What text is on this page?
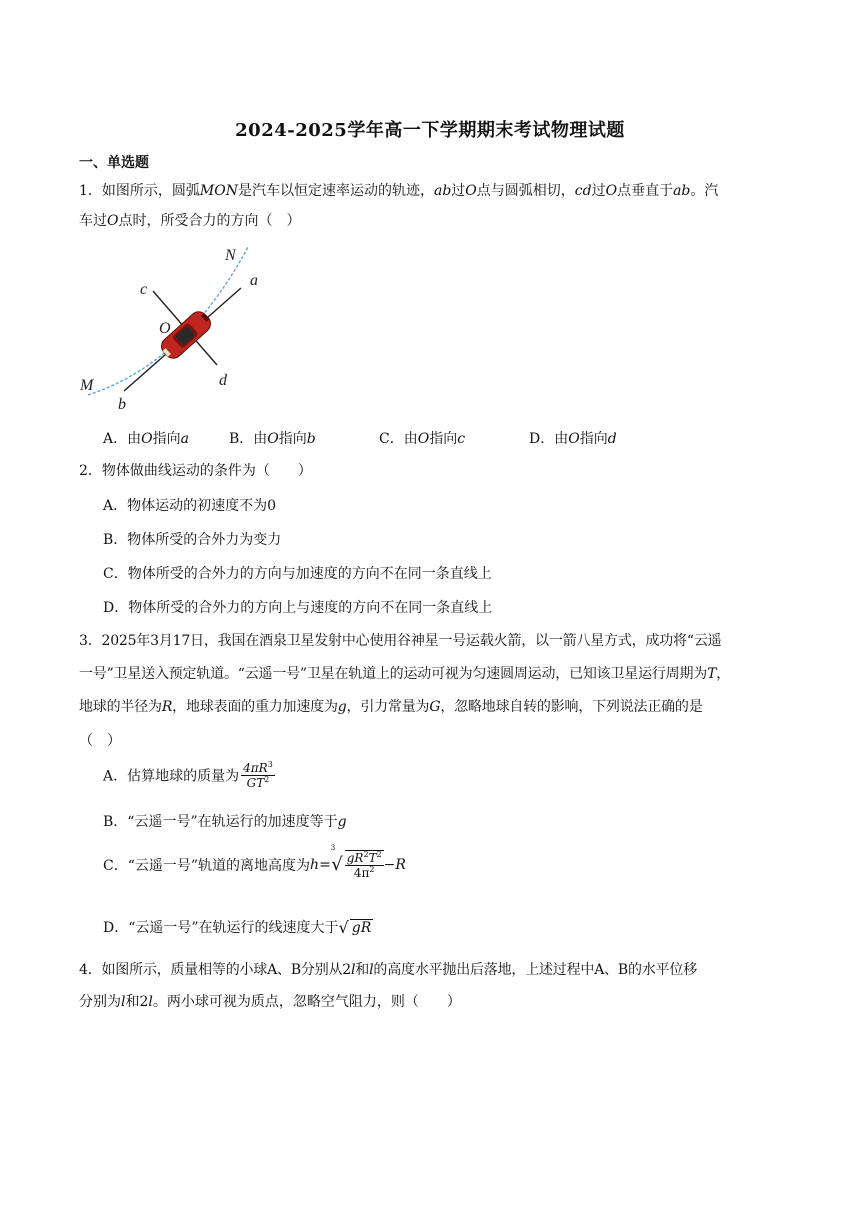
2024-2025学年高一下学期期末考试物理试题
一、单选题
1．如图所示，圆弧MON是汽车以恒定速率运动的轨迹，ab过O点与圆弧相切，cd过O点垂直于ab。汽
车过O点时，所受合力的方向（　）
N
a
c
O
d
M
b
A．由O指向a	B．由O指向b	C．由O指向c	D．由O指向d
2．物体做曲线运动的条件为（　　）
A．物体运动的初速度不为0
B．物体所受的合外力为变力
C．物体所受的合外力的方向与加速度的方向不在同一条直线上
D．物体所受的合外力的方向上与速度的方向不在同一条直线上
3．2025年3月17日，我国在酒泉卫星发射中心使用谷神星一号运载火箭，以一箭八星方式，成功将“云遥
一号”卫星送入预定轨道。“云遥一号”卫星在轨道上的运动可视为匀速圆周运动，已知该卫星运行周期为T，
地球的半径为R，地球表面的重力加速度为g，引力常量为G，忽略地球自转的影响，下列说法正确的是
（　）
A．估算地球的质量为 $\frac{4\pi R^3}{GT^2}$
B．“云遥一号”在轨运行的加速度等于g
C．“云遥一号”轨道的离地高度为$h=^3√ \frac{gR^2T^2}{4\pi^2} -R$
D．“云遥一号”在轨运行的线速度大于√ gR
4．如图所示，质量相等的小球A、B分别从2l和l的高度水平抛出后落地，上述过程中A、B的水平位移
分别为l和2l。两小球可视为质点，忽略空气阻力，则（　　）
